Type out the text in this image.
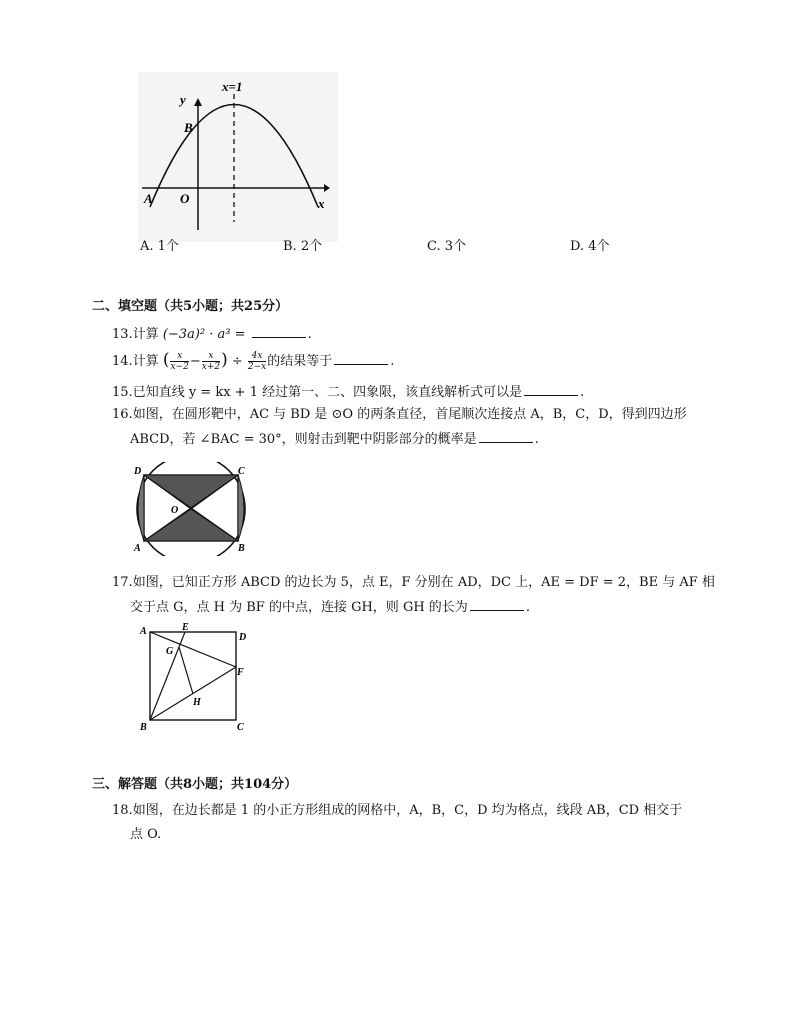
x=1
y
x
B
A O
A. 1个	B. 2个	C. 3个	D. 4个
二、填空题（共5小题；共25分）
13.计算 (−3a)² · a³ =	.
14.计算 ( $\frac{x}{x-2} - \frac{x}{x+2}$ ) ÷ $\frac{4x}{2-x}$ 的结果等于	.
15.已知直线 y = kx + 1 经过第一、二、四象限，该直线解析式可以是	.
16.如图，在圆形靶中，AC 与 BD 是 ⊙O 的两条直径，首尾顺次连接点 A，B，C，D，得到四边形
ABCD，若 ∠BAC = 30°，则射击到靶中阴影部分的概率是	.
D	C
O
A	B
17.如图，已知正方形 ABCD 的边长为 5，点 E，F 分别在 AD，DC 上，AE = DF = 2，BE 与 AF 相
交于点 G，点 H 为 BF 的中点，连接 GH，则 GH 的长为	.
A	E
D
G
F
H
B	C
三、解答题（共8小题；共104分）
18.如图，在边长都是 1 的小正方形组成的网格中，A，B，C，D 均为格点，线段 AB，CD 相交于
点 O.
